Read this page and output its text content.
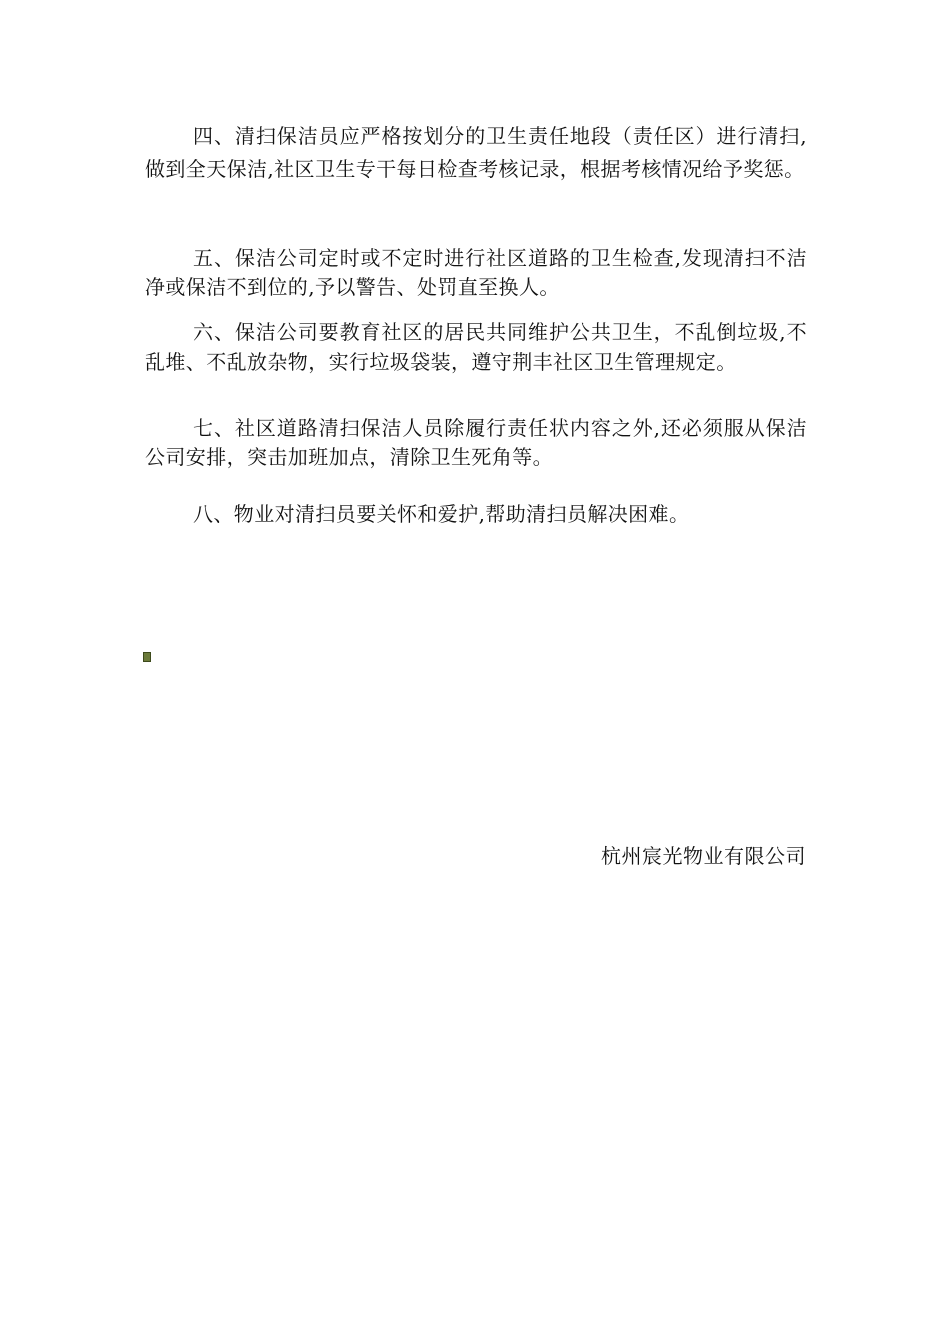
四、清扫保洁员应严格按划分的卫生责任地段（责任区）进行清扫,做到全天保洁,社区卫生专干每日检查考核记录，根据考核情况给予奖惩。

五、保洁公司定时或不定时进行社区道路的卫生检查,发现清扫不洁净或保洁不到位的,予以警告、处罚直至换人。

六、保洁公司要教育社区的居民共同维护公共卫生，不乱倒垃圾,不乱堆、不乱放杂物，实行垃圾袋装，遵守荆丰社区卫生管理规定。

七、社区道路清扫保洁人员除履行责任状内容之外,还必须服从保洁公司安排，突击加班加点，清除卫生死角等。

八、物业对清扫员要关怀和爱护,帮助清扫员解决困难。

杭州宸光物业有限公司
